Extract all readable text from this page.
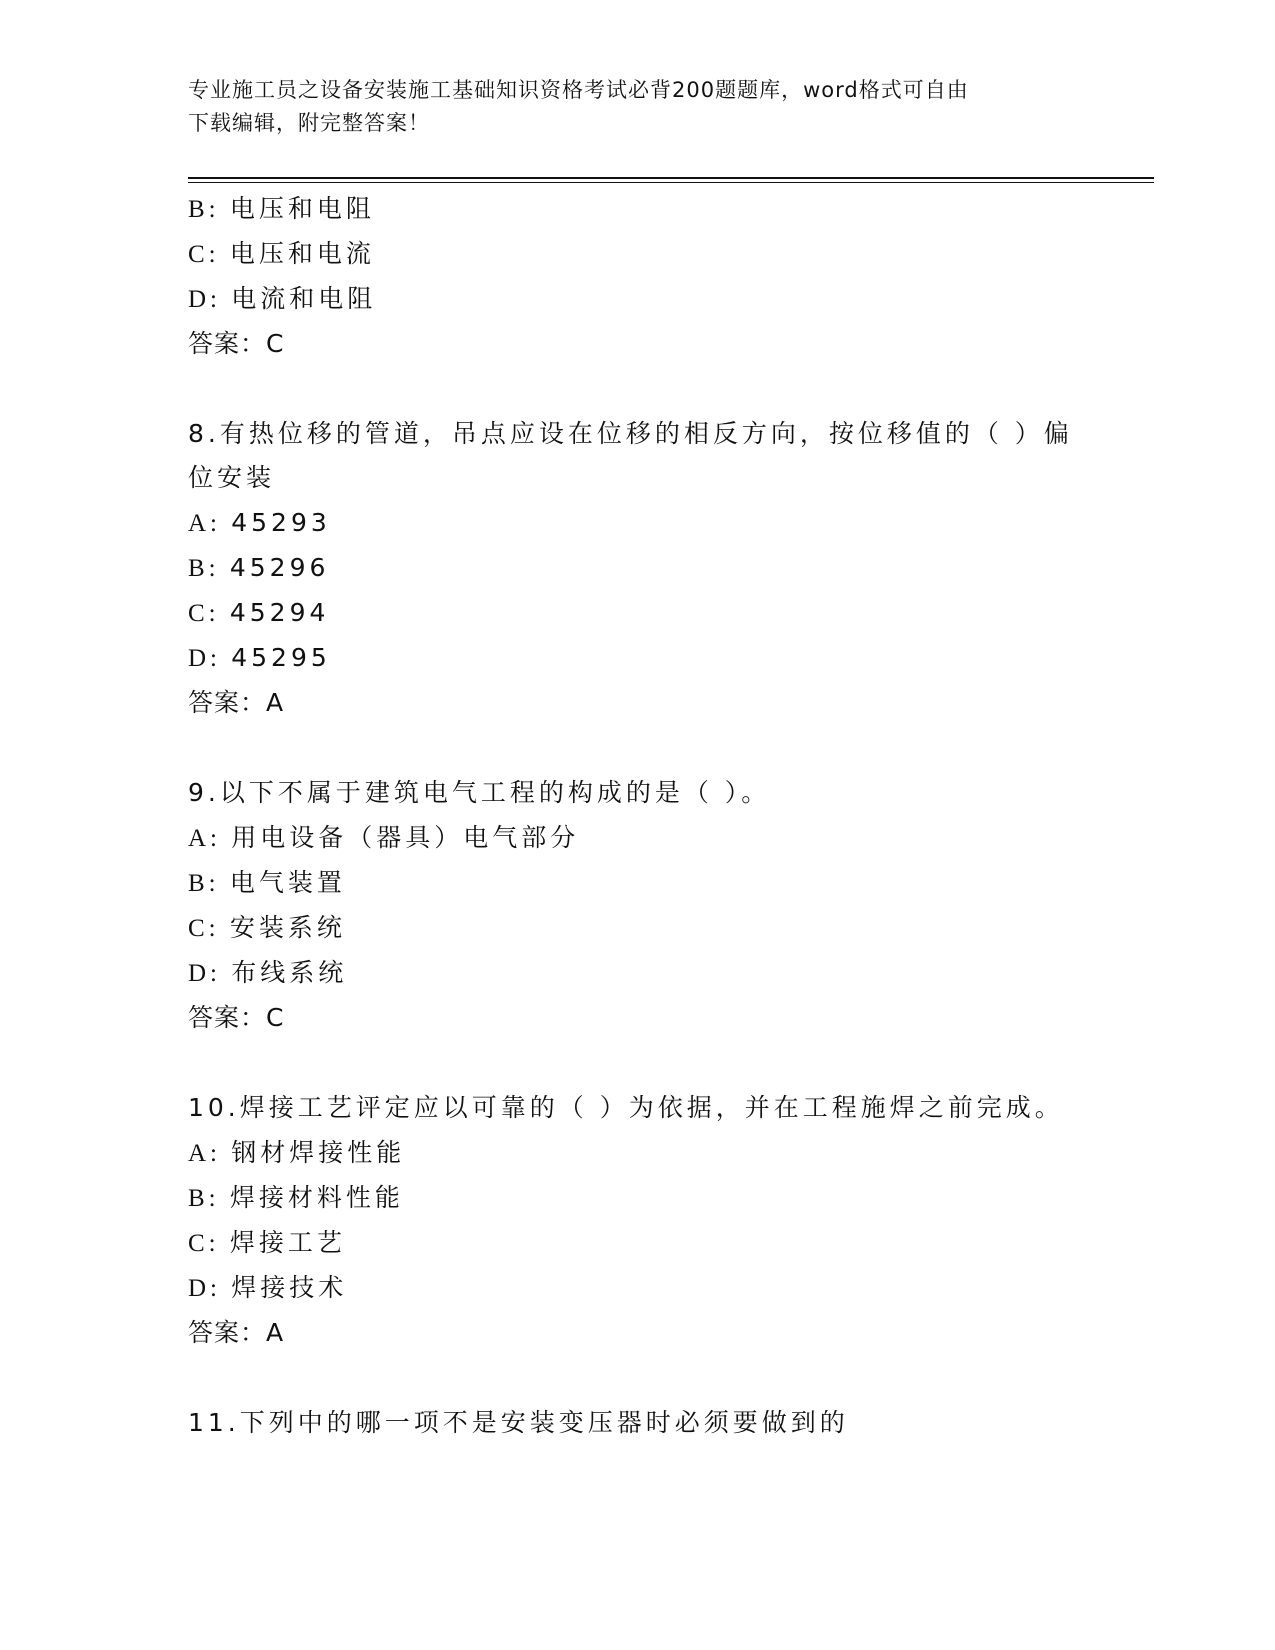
专业施工员之设备安装施工基础知识资格考试必背200题题库，word格式可自由
下载编辑，附完整答案！
B: 电压和电阻
C: 电压和电流
D: 电流和电阻
答案：C
8.有热位移的管道，吊点应设在位移的相反方向，按位移值的（ ）偏
位安装
A: 45293
B: 45296
C: 45294
D: 45295
答案：A
9.以下不属于建筑电气工程的构成的是（ ）。
A: 用电设备（器具）电气部分
B: 电气装置
C: 安装系统
D: 布线系统
答案：C
10.焊接工艺评定应以可靠的（ ）为依据，并在工程施焊之前完成。
A: 钢材焊接性能
B: 焊接材料性能
C: 焊接工艺
D: 焊接技术
答案：A
11.下列中的哪一项不是安装变压器时必须要做到的
